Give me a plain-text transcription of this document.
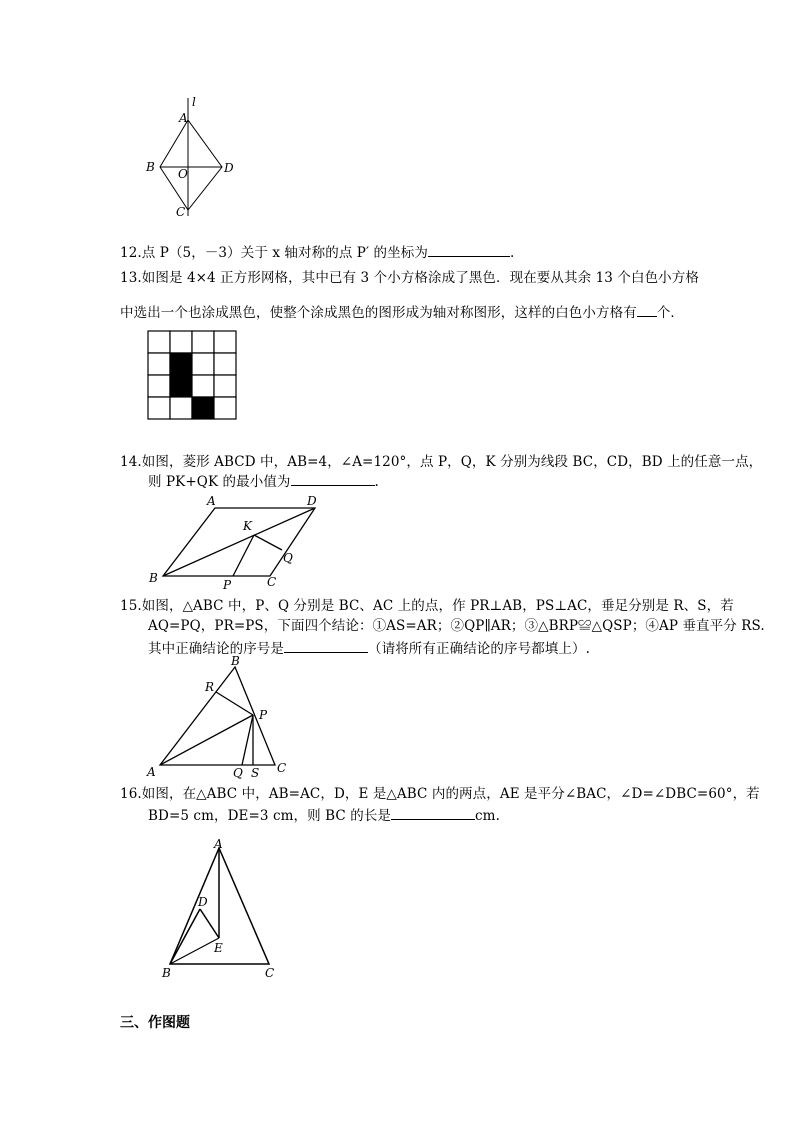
l
A
B	D
O
C
12.点 P（5，－3）关于 x 轴对称的点 P′ 的坐标为	.
13.如图是 4×4 正方形网格，其中已有 3 个小方格涂成了黑色．现在要从其余 13 个白色小方格
中选出一个也涂成黑色，使整个涂成黑色的图形成为轴对称图形，这样的白色小方格有 个．
14.如图，菱形 ABCD 中，AB=4，∠A=120°，点 P，Q，K 分别为线段 BC，CD，BD 上的任意一点，
则 PK+QK 的最小值为	.
A	D
K
Q
B	P	C
15.如图，△ABC 中，P、Q 分别是 BC、AC 上的点，作 PR⊥AB，PS⊥AC，垂足分别是 R、S，若
AQ=PQ，PR=PS，下面四个结论：①AS=AR；②QP∥AR；③△BRP≌△QSP；④AP 垂直平分 RS.
其中正确结论的序号是	（请将所有正确结论的序号都填上）.
B
R
P
A	Q S C
16.如图，在△ABC 中，AB=AC，D，E 是△ABC 内的两点，AE 是平分∠BAC，∠D=∠DBC=60°，若
BD=5 cm，DE=3 cm，则 BC 的长是	cm.
A
D
E
B	C
三、作图题
